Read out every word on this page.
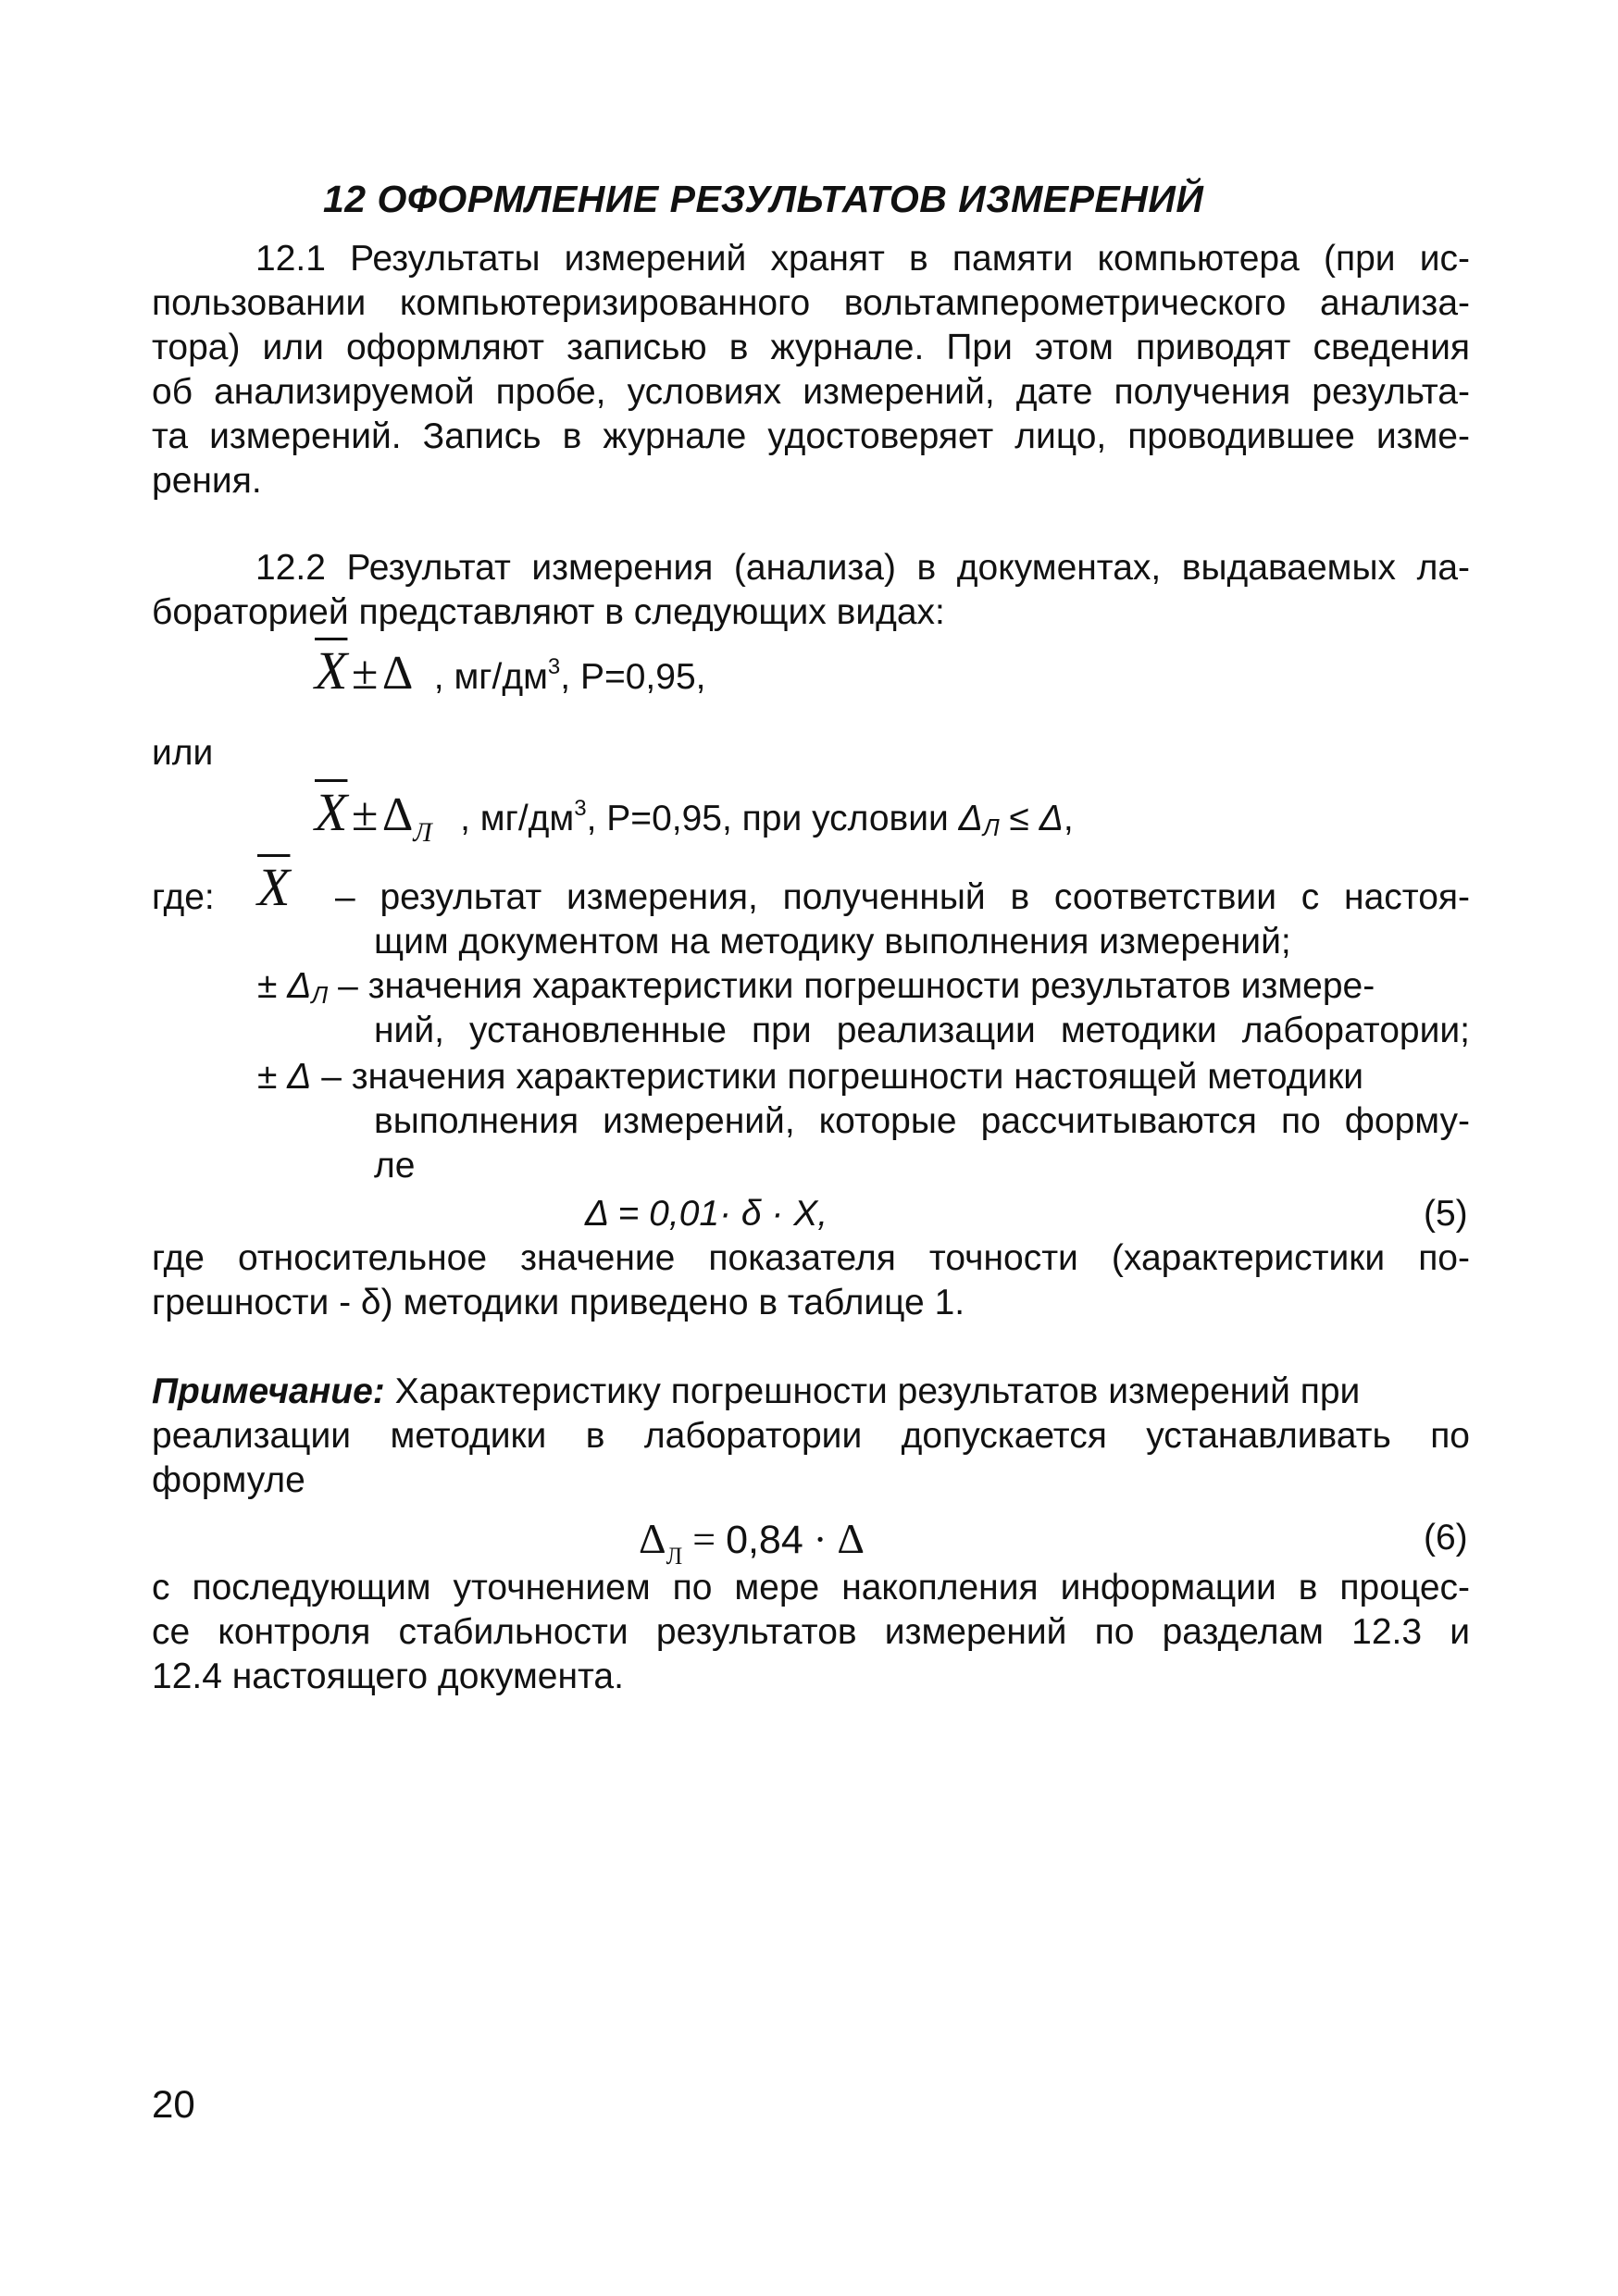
12 ОФОРМЛЕНИЕ РЕЗУЛЬТАТОВ ИЗМЕРЕНИЙ
12.1 Результаты измерений хранят в памяти компьютера (при ис-
пользовании компьютеризированного вольтамперометрического анализа-
тора) или оформляют записью в журнале. При этом приводят сведения
об анализируемой пробе, условиях измерений, дате получения результа-
та измерений. Запись в журнале удостоверяет лицо, проводившее изме-
рения.
12.2 Результат измерения (анализа) в документах, выдаваемых ла-
бораторией представляют в следующих видах:
$\overline{X} \pm \Delta$ , $мг/дм^3$, P=0,95,
или
$\overline{X} \pm \Delta_Л$ , $мг/дм^3$, P=0,95, при условии ΔЛ ≤ Δ,
где: $\overline{X}$ – результат измерения, полученный в соответствии с настоя-
щим документом на методику выполнения измерений;
± ΔЛ – значения характеристики погрешности результатов измере-
ний, установленные при реализации методики лаборатории;
± Δ – значения характеристики погрешности настоящей методики
выполнения измерений, которые рассчитываются по форму-
ле
Δ = 0,01· δ · X,	(5)
где относительное значение показателя точности (характеристики по-
грешности - δ) методики приведено в таблице 1.
Примечание: Характеристику погрешности результатов измерений при
реализации методики в лаборатории допускается устанавливать по
формуле
ΔЛ = 0,84 · Δ	(6)
с последующим уточнением по мере накопления информации в процес-
се контроля стабильности результатов измерений по разделам 12.3 и
12.4 настоящего документа.
20
